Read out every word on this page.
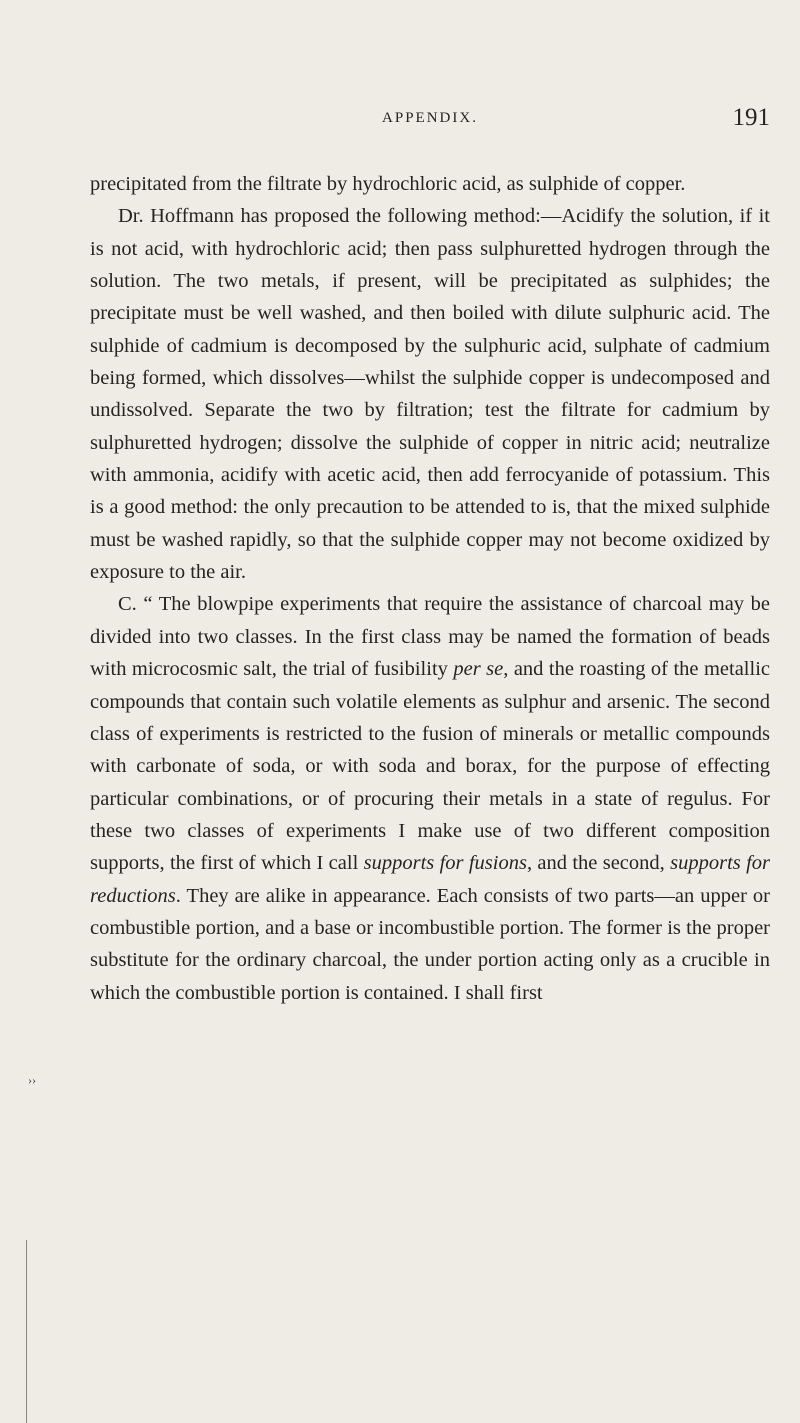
APPENDIX.	191

precipitated from the filtrate by hydrochloric acid, as sulphide of copper.

Dr. Hoffmann has proposed the following method:—Acidify the solution, if it is not acid, with hydrochloric acid; then pass sulphuretted hydrogen through the solution. The two metals, if present, will be precipitated as sulphides; the precipitate must be well washed, and then boiled with dilute sulphuric acid. The sulphide of cadmium is decomposed by the sulphuric acid, sulphate of cadmium being formed, which dissolves—whilst the sulphide copper is undecomposed and undissolved. Separate the two by filtration; test the filtrate for cadmium by sulphuretted hydrogen; dissolve the sulphide of copper in nitric acid; neutralize with ammonia, acidify with acetic acid, then add ferrocyanide of potassium. This is a good method: the only precaution to be attended to is, that the mixed sulphide must be washed rapidly, so that the sulphide copper may not become oxidized by exposure to the air.

C. “ The blowpipe experiments that require the assistance of charcoal may be divided into two classes. In the first class may be named the formation of beads with microcosmic salt, the trial of fusibility per se, and the roasting of the metallic compounds that contain such volatile elements as sulphur and arsenic. The second class of experiments is restricted to the fusion of minerals or metallic compounds with carbonate of soda, or with soda and borax, for the purpose of effecting particular combinations, or of procuring their metals in a state of regulus. For these two classes of experiments I make use of two different composition supports, the first of which I call supports for fusions, and the second, supports for reductions. They are alike in appearance. Each consists of two parts—an upper or combustible portion, and a base or incombustible portion. The former is the proper substitute for the ordinary charcoal, the under portion acting only as a crucible in which the combustible portion is contained. I shall first

››
